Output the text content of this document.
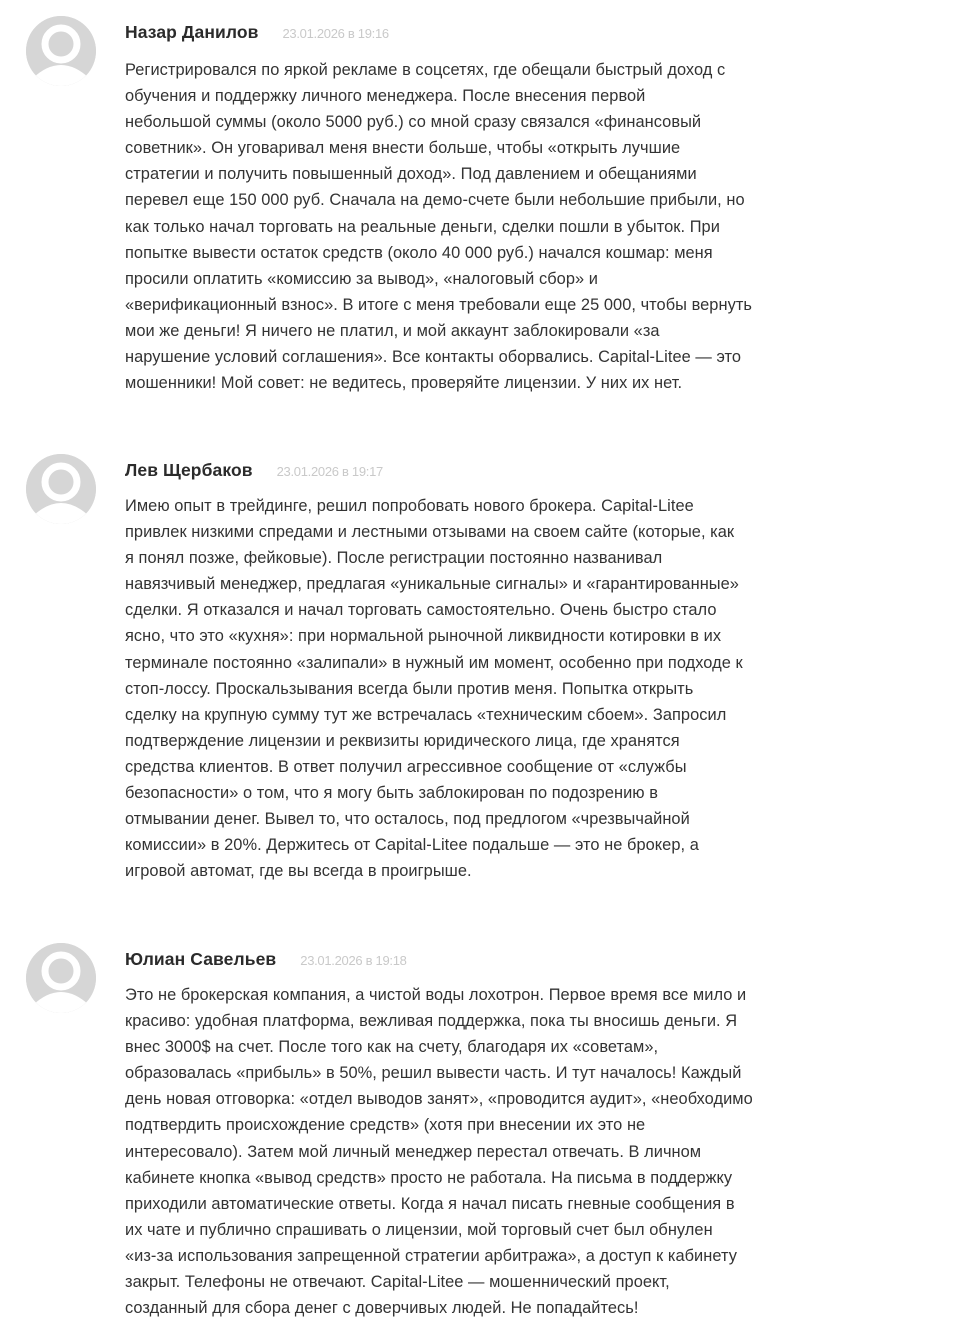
Назар Данилов 23.01.2026 в 19:16
Регистрировался по яркой рекламе в соцсетях, где обещали быстрый доход с
обучения и поддержку личного менеджера. После внесения первой
небольшой суммы (около 5000 руб.) со мной сразу связался «финансовый
советник». Он уговаривал меня внести больше, чтобы «открыть лучшие
стратегии и получить повышенный доход». Под давлением и обещаниями
перевел еще 150 000 руб. Сначала на демо-счете были небольшие прибыли, но
как только начал торговать на реальные деньги, сделки пошли в убыток. При
попытке вывести остаток средств (около 40 000 руб.) начался кошмар: меня
просили оплатить «комиссию за вывод», «налоговый сбор» и
«верификационный взнос». В итоге с меня требовали еще 25 000, чтобы вернуть
мои же деньги! Я ничего не платил, и мой аккаунт заблокировали «за
нарушение условий соглашения». Все контакты оборвались. Capital-Litee — это
мошенники! Мой совет: не ведитесь, проверяйте лицензии. У них их нет.
Лев Щербаков 23.01.2026 в 19:17
Имею опыт в трейдинге, решил попробовать нового брокера. Capital-Litee
привлек низкими спредами и лестными отзывами на своем сайте (которые, как
я понял позже, фейковые). После регистрации постоянно названивал
навязчивый менеджер, предлагая «уникальные сигналы» и «гарантированные»
сделки. Я отказался и начал торговать самостоятельно. Очень быстро стало
ясно, что это «кухня»: при нормальной рыночной ликвидности котировки в их
терминале постоянно «залипали» в нужный им момент, особенно при подходе к
стоп-лоссу. Проскальзывания всегда были против меня. Попытка открыть
сделку на крупную сумму тут же встречалась «техническим сбоем». Запросил
подтверждение лицензии и реквизиты юридического лица, где хранятся
средства клиентов. В ответ получил агрессивное сообщение от «службы
безопасности» о том, что я могу быть заблокирован по подозрению в
отмывании денег. Вывел то, что осталось, под предлогом «чрезвычайной
комиссии» в 20%. Держитесь от Capital-Litee подальше — это не брокер, а
игровой автомат, где вы всегда в проигрыше.
Юлиан Савельев 23.01.2026 в 19:18
Это не брокерская компания, а чистой воды лохотрон. Первое время все мило и
красиво: удобная платформа, вежливая поддержка, пока ты вносишь деньги. Я
внес 3000$ на счет. После того как на счету, благодаря их «советам»,
образовалась «прибыль» в 50%, решил вывести часть. И тут началось! Каждый
день новая отговорка: «отдел выводов занят», «проводится аудит», «необходимо
подтвердить происхождение средств» (хотя при внесении их это не
интересовало). Затем мой личный менеджер перестал отвечать. В личном
кабинете кнопка «вывод средств» просто не работала. На письма в поддержку
приходили автоматические ответы. Когда я начал писать гневные сообщения в
их чате и публично спрашивать о лицензии, мой торговый счет был обнулен
«из-за использования запрещенной стратегии арбитража», а доступ к кабинету
закрыт. Телефоны не отвечают. Capital-Litee — мошеннический проект,
созданный для сбора денег с доверчивых людей. Не попадайтесь!
